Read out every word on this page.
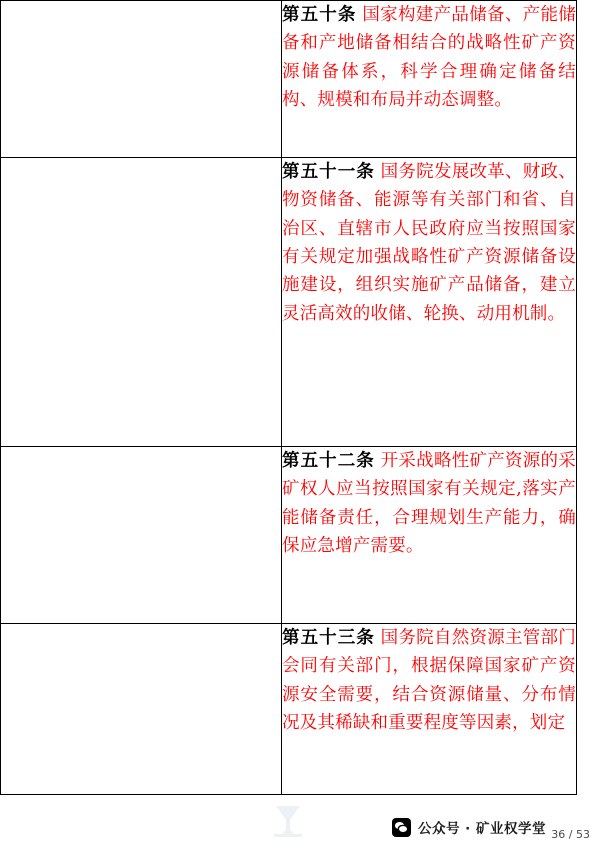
	第五十条 国家构建产品储备、产能储备和产地储备相结合的战略性矿产资源储备体系，科学合理确定储备结构、规模和布局并动态调整。

	第五十一条 国务院发展改革、财政、物资储备、能源等有关部门和省、自治区、直辖市人民政府应当按照国家有关规定加强战略性矿产资源储备设施建设，组织实施矿产品储备，建立灵活高效的收储、轮换、动用机制。

	第五十二条 开采战略性矿产资源的采矿权人应当按照国家有关规定,落实产能储备责任，合理规划生产能力，确保应急增产需要。

	第五十三条 国务院自然资源主管部门会同有关部门，根据保障国家矿产资源安全需要，结合资源储量、分布情况及其稀缺和重要程度等因素，划定
公众号 · 矿业权学堂 36 / 53
